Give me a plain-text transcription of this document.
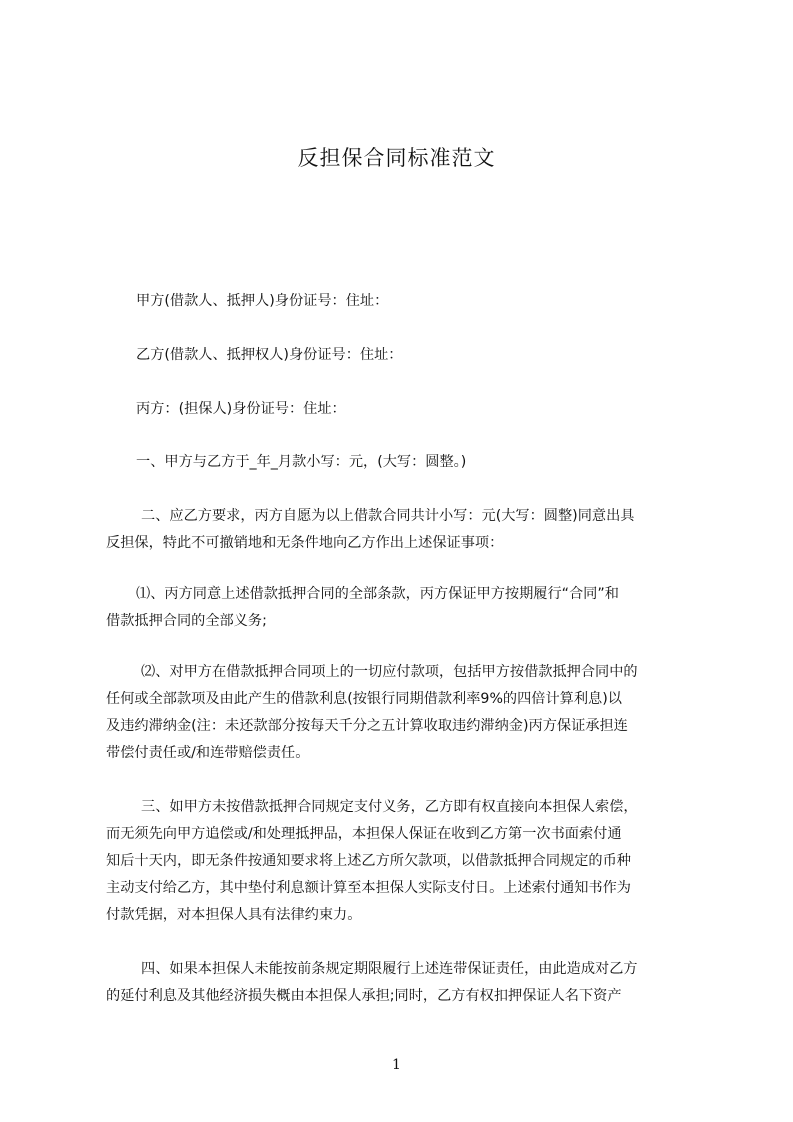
反担保合同标准范文
甲方(借款人、抵押人)身份证号：住址：
乙方(借款人、抵押权人)身份证号：住址：
丙方：(担保人)身份证号：住址：
一、甲方与乙方于_年_月款小写：元，(大写：圆整。)
二、应乙方要求，丙方自愿为以上借款合同共计小写：元(大写：圆整)同意出具
反担保，特此不可撤销地和无条件地向乙方作出上述保证事项：
⑴、丙方同意上述借款抵押合同的全部条款，丙方保证甲方按期履行“合同”和
借款抵押合同的全部义务;
⑵、对甲方在借款抵押合同项上的一切应付款项，包括甲方按借款抵押合同中的
任何或全部款项及由此产生的借款利息(按银行同期借款利率9%的四倍计算利息)以
及违约滞纳金(注：未还款部分按每天千分之五计算收取违约滞纳金)丙方保证承担连
带偿付责任或/和连带赔偿责任。
三、如甲方未按借款抵押合同规定支付义务，乙方即有权直接向本担保人索偿，
而无须先向甲方追偿或/和处理抵押品，本担保人保证在收到乙方第一次书面索付通
知后十天内，即无条件按通知要求将上述乙方所欠款项，以借款抵押合同规定的币种
主动支付给乙方，其中垫付利息额计算至本担保人实际支付日。上述索付通知书作为
付款凭据，对本担保人具有法律约束力。
四、如果本担保人未能按前条规定期限履行上述连带保证责任，由此造成对乙方
的延付利息及其他经济损失概由本担保人承担;同时，乙方有权扣押保证人名下资产
1
